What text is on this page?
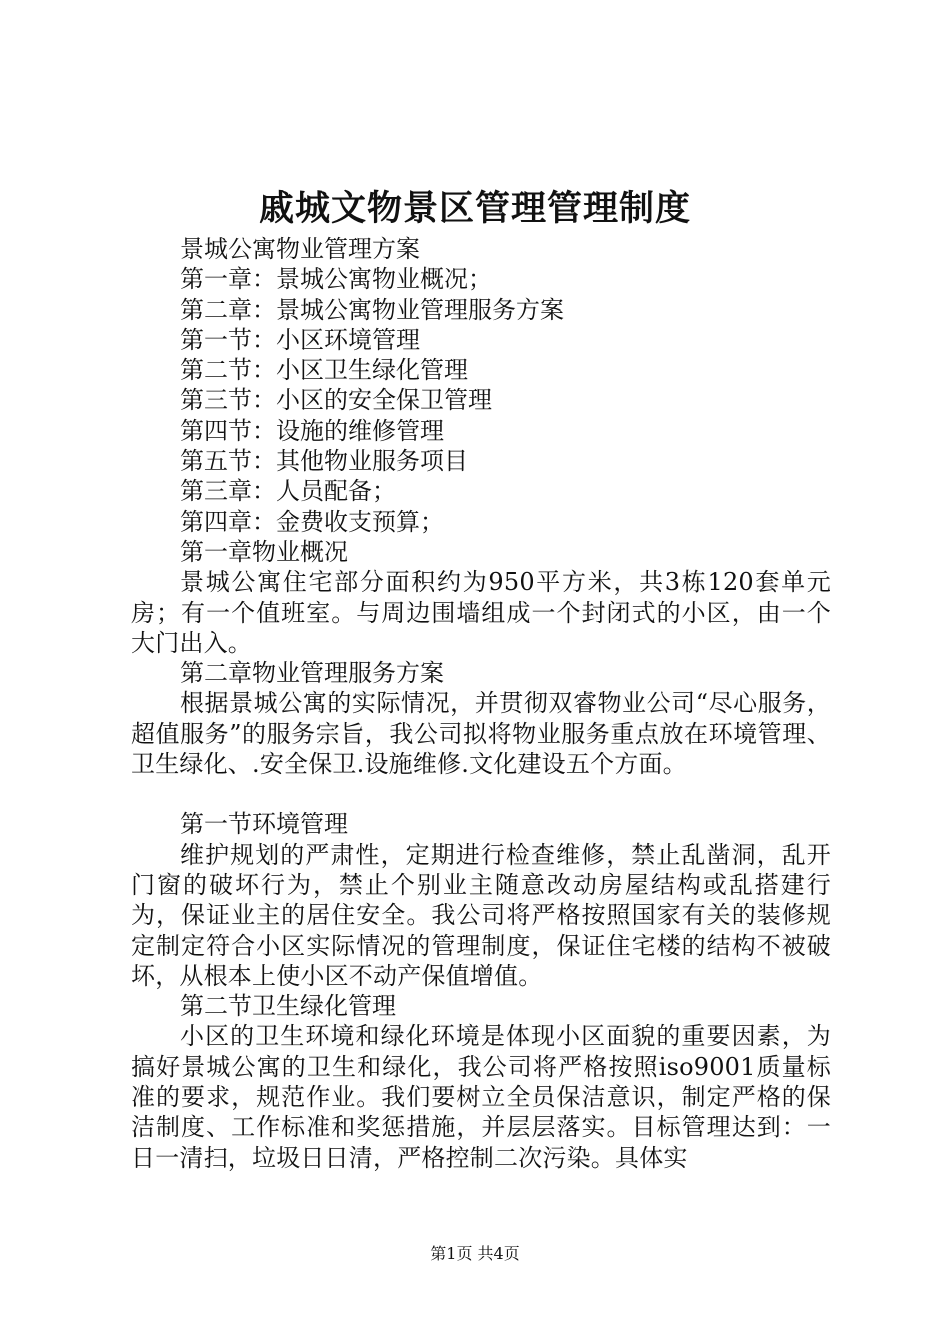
戚城文物景区管理管理制度
景城公寓物业管理方案
第一章：景城公寓物业概况；
第二章：景城公寓物业管理服务方案
第一节：小区环境管理
第二节：小区卫生绿化管理
第三节：小区的安全保卫管理
第四节：设施的维修管理
第五节：其他物业服务项目
第三章：人员配备；
第四章：金费收支预算；
第一章物业概况
景城公寓住宅部分面积约为950平方米，共3栋120套单元房；有一个值班室。与周边围墙组成一个封闭式的小区，由一个大门出入。
第二章物业管理服务方案
根据景城公寓的实际情况，并贯彻双睿物业公司“尽心服务，超值服务”的服务宗旨，我公司拟将物业服务重点放在环境管理、卫生绿化、.安全保卫.设施维修.文化建设五个方面。
第一节环境管理
维护规划的严肃性，定期进行检查维修，禁止乱凿洞，乱开门窗的破坏行为，禁止个别业主随意改动房屋结构或乱搭建行为，保证业主的居住安全。我公司将严格按照国家有关的装修规定制定符合小区实际情况的管理制度，保证住宅楼的结构不被破坏，从根本上使小区不动产保值增值。
第二节卫生绿化管理
小区的卫生环境和绿化环境是体现小区面貌的重要因素，为搞好景城公寓的卫生和绿化，我公司将严格按照iso9001质量标准的要求，规范作业。我们要树立全员保洁意识，制定严格的保洁制度、工作标准和奖惩措施，并层层落实。目标管理达到：一日一清扫，垃圾日日清，严格控制二次污染。具体实
第1页 共4页
